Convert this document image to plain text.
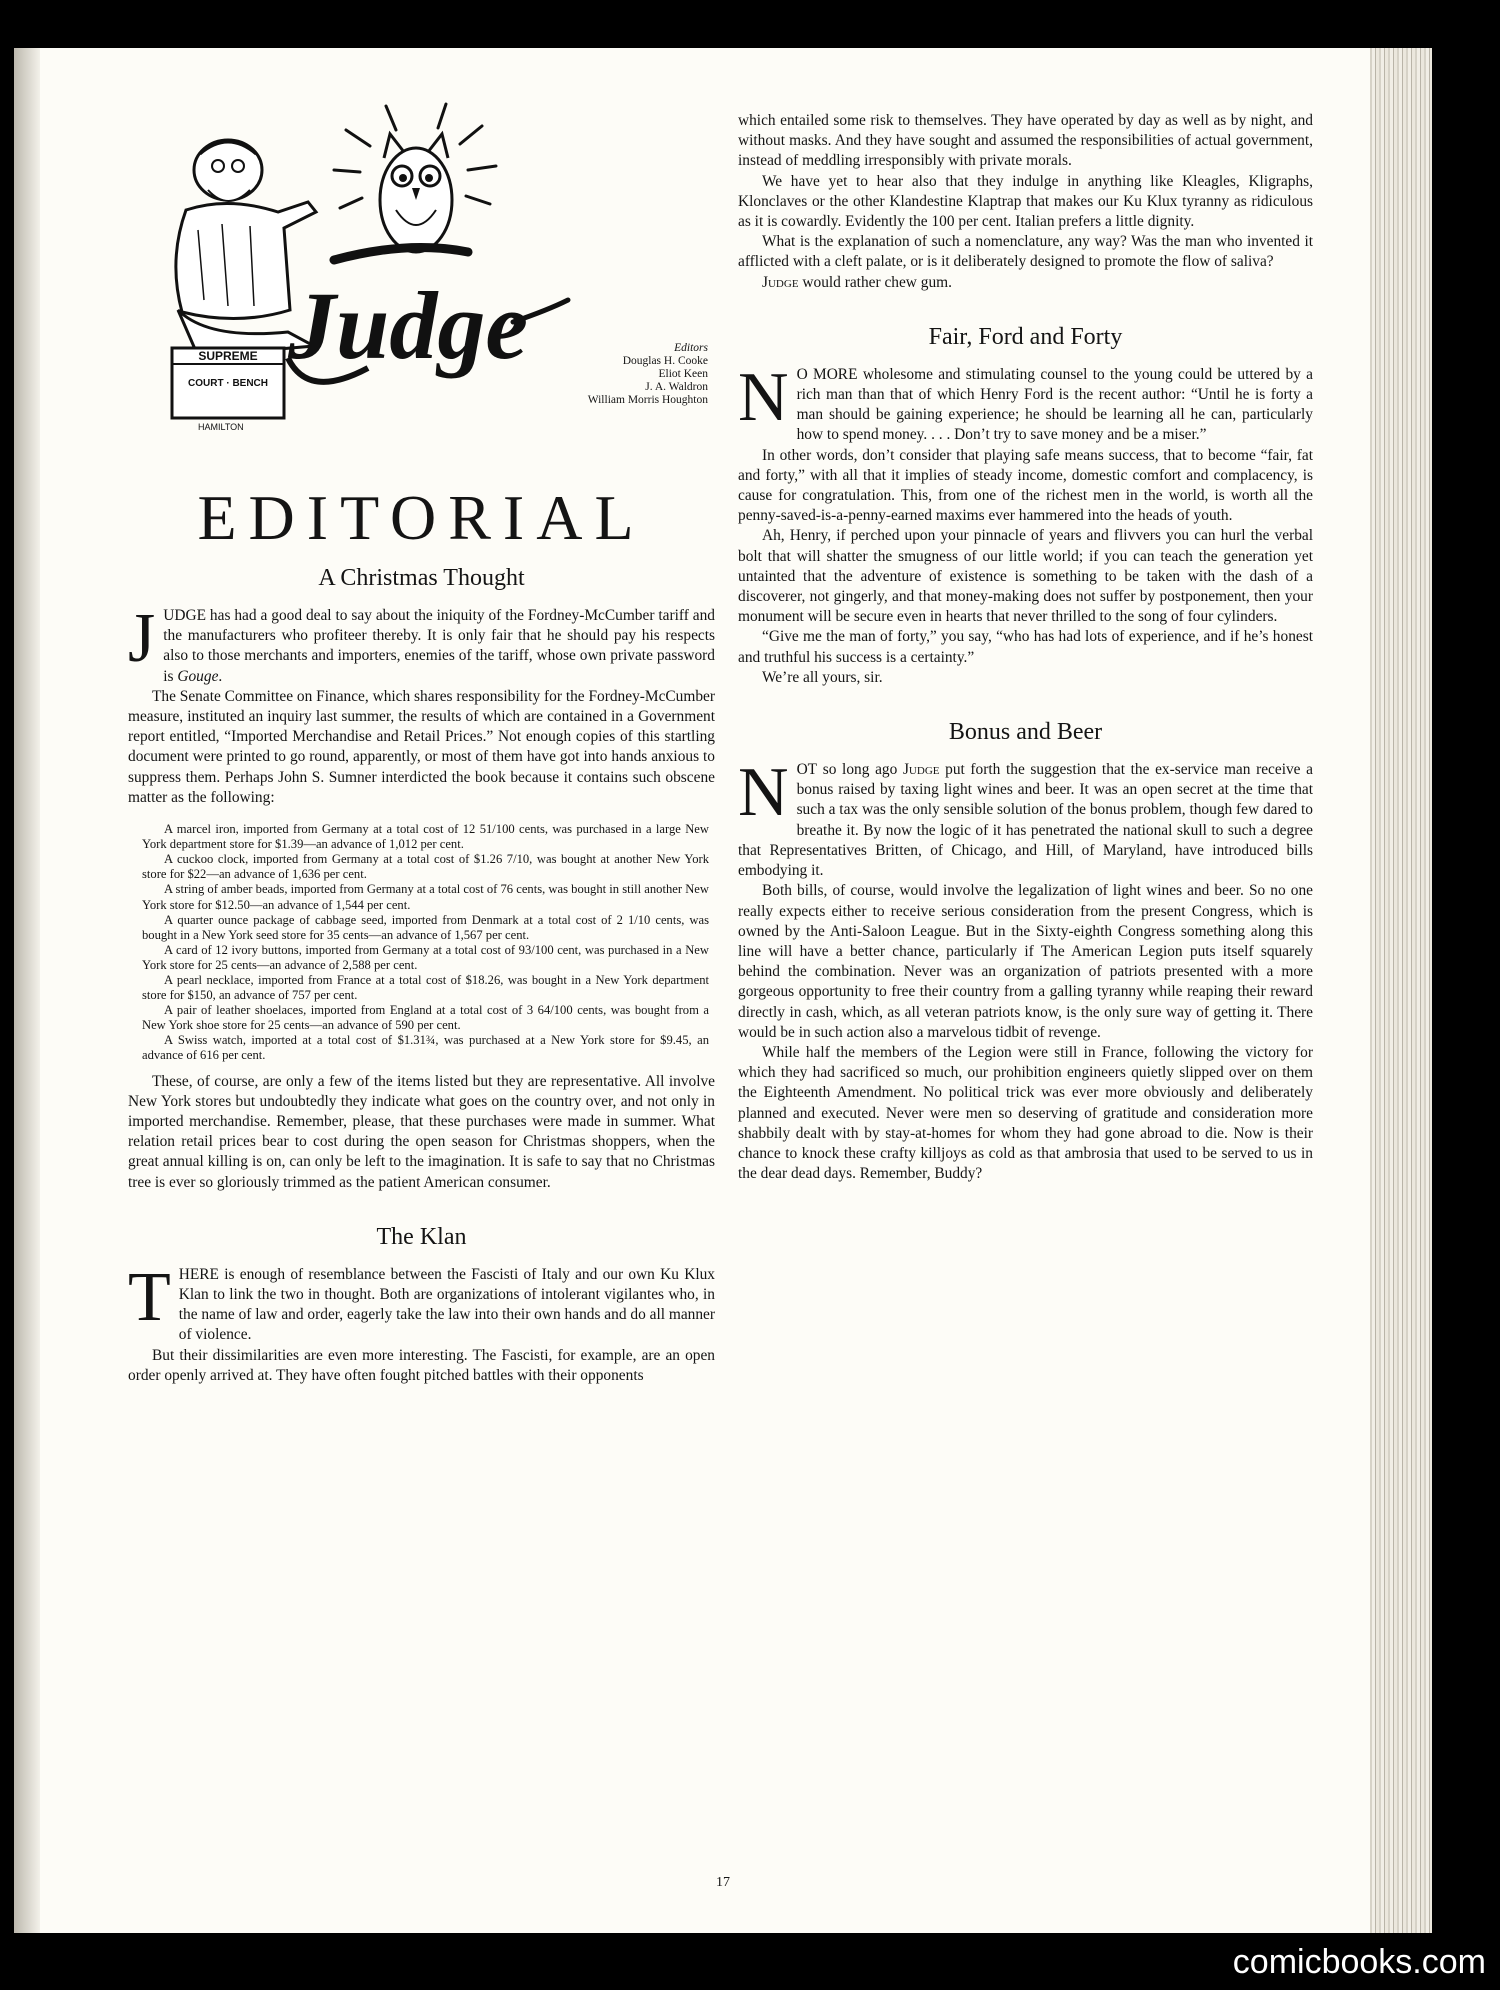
SUPREME
COURT · BENCH
HAMILTON
Judge	Editors
Douglas H. Cooke
Eliot Keen
J. A. Waldron
William Morris Houghton
EDITORIAL
A Christmas Thought

JUDGE has had a good deal to say about the iniquity of the Fordney-McCumber tariff and the manufacturers who profiteer thereby. It is only fair that he should pay his respects also to those merchants and importers, enemies of the tariff, whose own private password is Gouge.

The Senate Committee on Finance, which shares responsibility for the Fordney-McCumber measure, instituted an inquiry last summer, the results of which are contained in a Government report entitled, “Imported Merchandise and Retail Prices.” Not enough copies of this startling document were printed to go round, apparently, or most of them have got into hands anxious to suppress them. Perhaps John S. Sumner interdicted the book because it contains such obscene matter as the following:

A marcel iron, imported from Germany at a total cost of 12 51/100 cents, was purchased in a large New York department store for $1.39—an advance of 1,012 per cent.

A cuckoo clock, imported from Germany at a total cost of $1.26 7/10, was bought at another New York store for $22—an advance of 1,636 per cent.

A string of amber beads, imported from Germany at a total cost of 76 cents, was bought in still another New York store for $12.50—an advance of 1,544 per cent.

A quarter ounce package of cabbage seed, imported from Denmark at a total cost of 2 1/10 cents, was bought in a New York seed store for 35 cents—an advance of 1,567 per cent.

A card of 12 ivory buttons, imported from Germany at a total cost of 93/100 cent, was purchased in a New York store for 25 cents—an advance of 2,588 per cent.

A pearl necklace, imported from France at a total cost of $18.26, was bought in a New York department store for $150, an advance of 757 per cent.

A pair of leather shoelaces, imported from England at a total cost of 3 64/100 cents, was bought from a New York shoe store for 25 cents—an advance of 590 per cent.

A Swiss watch, imported at a total cost of $1.31¾, was purchased at a New York store for $9.45, an advance of 616 per cent.

These, of course, are only a few of the items listed but they are representative. All involve New York stores but undoubtedly they indicate what goes on the country over, and not only in imported merchandise. Remember, please, that these purchases were made in summer. What relation retail prices bear to cost during the open season for Christmas shoppers, when the great annual killing is on, can only be left to the imagination. It is safe to say that no Christmas tree is ever so gloriously trimmed as the patient American consumer.

The Klan

THERE is enough of resemblance between the Fascisti of Italy and our own Ku Klux Klan to link the two in thought. Both are organizations of intolerant vigilantes who, in the name of law and order, eagerly take the law into their own hands and do all manner of violence.

But their dissimilarities are even more interesting. The Fascisti, for example, are an open order openly arrived at. They have often fought pitched battles with their opponents

which entailed some risk to themselves. They have operated by day as well as by night, and without masks. And they have sought and assumed the responsibilities of actual government, instead of meddling irresponsibly with private morals.

We have yet to hear also that they indulge in anything like Kleagles, Kligraphs, Klonclaves or the other Klandestine Klaptrap that makes our Ku Klux tyranny as ridiculous as it is cowardly. Evidently the 100 per cent. Italian prefers a little dignity.

What is the explanation of such a nomenclature, any way? Was the man who invented it afflicted with a cleft palate, or is it deliberately designed to promote the flow of saliva?

Judge would rather chew gum.

Fair, Ford and Forty

N O MORE wholesome and stimulating counsel to the young could be uttered by a rich man than that of which Henry Ford is the recent author: “Until he is forty a man should be gaining experience; he should be learning all he can, particularly how to spend money. . . . Don’t try to save money and be a miser.”

In other words, don’t consider that playing safe means success, that to become “fair, fat and forty,” with all that it implies of steady income, domestic comfort and complacency, is cause for congratulation. This, from one of the richest men in the world, is worth all the penny-saved-is-a-penny-earned maxims ever hammered into the heads of youth.

Ah, Henry, if perched upon your pinnacle of years and flivvers you can hurl the verbal bolt that will shatter the smugness of our little world; if you can teach the generation yet untainted that the adventure of existence is something to be taken with the dash of a discoverer, not gingerly, and that money-making does not suffer by postponement, then your monument will be secure even in hearts that never thrilled to the song of four cylinders.

“Give me the man of forty,” you say, “who has had lots of experience, and if he’s honest and truthful his success is a certainty.”

We’re all yours, sir.

Bonus and Beer

NOT so long ago Judge put forth the suggestion that the ex-service man receive a bonus raised by taxing light wines and beer. It was an open secret at the time that such a tax was the only sensible solution of the bonus problem, though few dared to breathe it. By now the logic of it has penetrated the national skull to such a degree that Representatives Britten, of Chicago, and Hill, of Maryland, have introduced bills embodying it.

Both bills, of course, would involve the legalization of light wines and beer. So no one really expects either to receive serious consideration from the present Congress, which is owned by the Anti-Saloon League. But in the Sixty-eighth Congress something along this line will have a better chance, particularly if The American Legion puts itself squarely behind the combination. Never was an organization of patriots presented with a more gorgeous opportunity to free their country from a galling tyranny while reaping their reward directly in cash, which, as all veteran patriots know, is the only sure way of getting it. There would be in such action also a marvelous tidbit of revenge.

While half the members of the Legion were still in France, following the victory for which they had sacrificed so much, our prohibition engineers quietly slipped over on them the Eighteenth Amendment. No political trick was ever more obviously and deliberately planned and executed. Never were men so deserving of gratitude and consideration more shabbily dealt with by stay-at-homes for whom they had gone abroad to die. Now is their chance to knock these crafty killjoys as cold as that ambrosia that used to be served to us in the dear dead days. Remember, Buddy?

17
comicbooks.com
